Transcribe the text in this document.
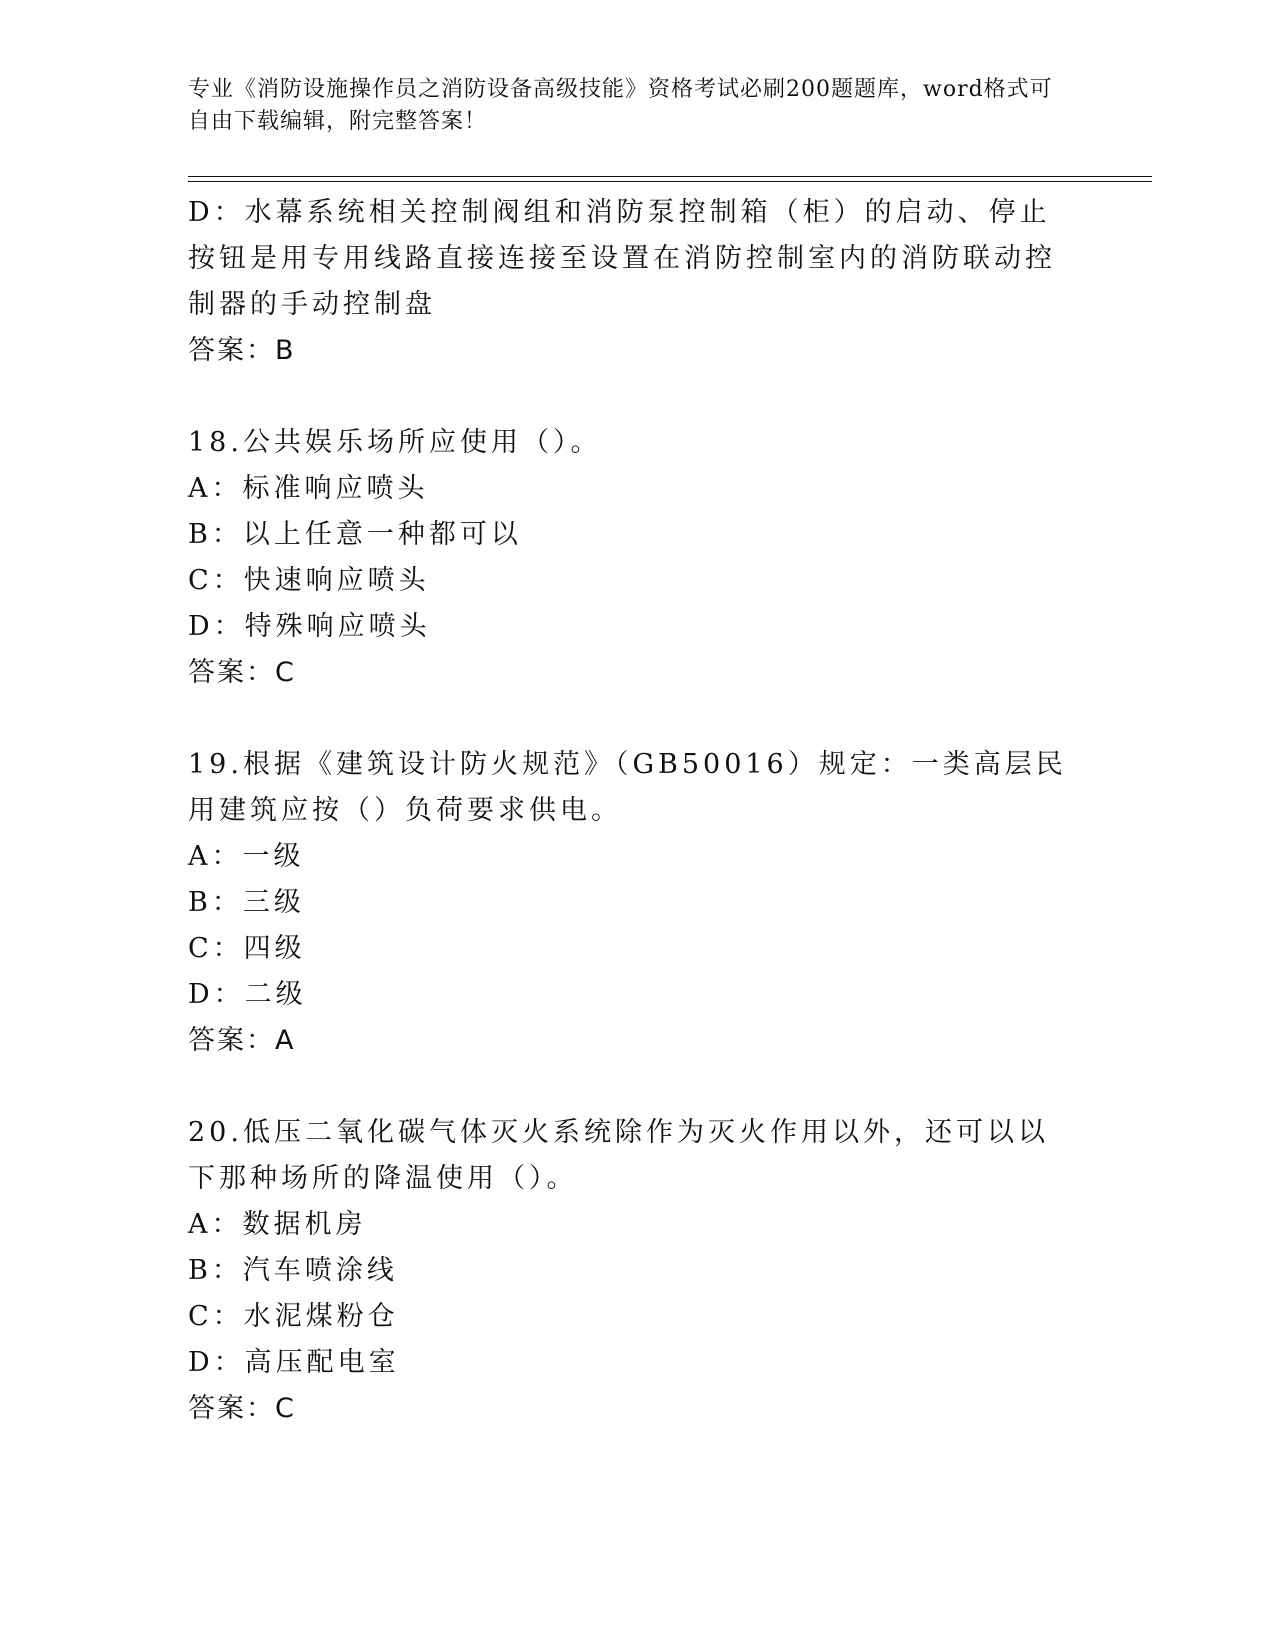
专业《消防设施操作员之消防设备高级技能》资格考试必刷200题题库，word格式可自由下载编辑，附完整答案！
D：水幕系统相关控制阀组和消防泵控制箱（柜）的启动、停止按钮是用专用线路直接连接至设置在消防控制室内的消防联动控制器的手动控制盘
答案：B
18.公共娱乐场所应使用（）。
A：标准响应喷头
B：以上任意一种都可以
C：快速响应喷头
D：特殊响应喷头
答案：C
19.根据《建筑设计防火规范》（GB50016）规定：一类高层民用建筑应按（）负荷要求供电。
A：一级
B：三级
C：四级
D：二级
答案：A
20.低压二氧化碳气体灭火系统除作为灭火作用以外，还可以以下那种场所的降温使用（）。
A：数据机房
B：汽车喷涂线
C：水泥煤粉仓
D：高压配电室
答案：C
